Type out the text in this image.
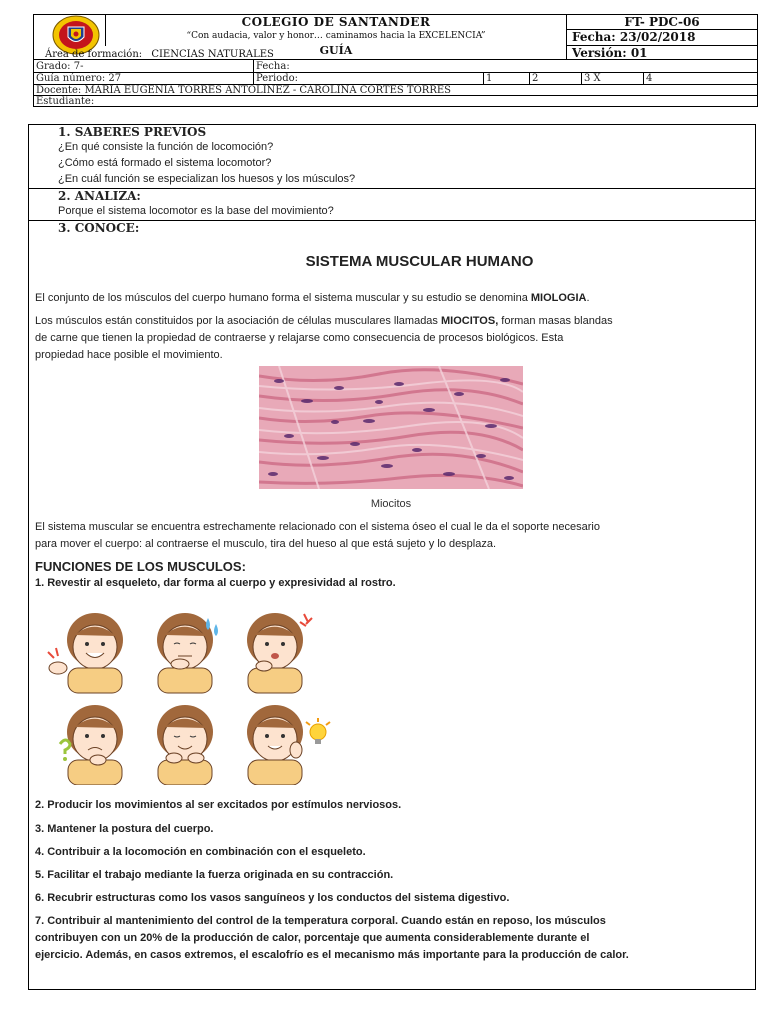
COLEGIO DE SANTANDER
“Con audacia, valor y honor… caminamos hacia la EXCELENCIA”
GUÍA
FT- PDC-06
Fecha: 23/02/2018
Versión: 01
Área de formación: CIENCIAS NATURALES
Grado: 7-	Fecha:
Guía número: 27	Periodo:	1	2	3 X	4
Docente: MARÍA EUGENIA TORRES ANTOLINEZ - CAROLINA CORTES TORRES
Estudiante:
1. SABERES PREVIOS
¿En qué consiste la función de locomoción?
¿Cómo está formado el sistema locomotor?
¿En cuál función se especializan los huesos y los músculos?
2. ANALIZA:
Porque el sistema locomotor es la base del movimiento?
3. CONOCE:
SISTEMA MUSCULAR HUMANO
El conjunto de los músculos del cuerpo humano forma el sistema muscular y su estudio se denomina MIOLOGIA.
Los músculos están constituidos por la asociación de células musculares llamadas MIOCITOS, forman masas blandas
de carne que tienen la propiedad de contraerse y relajarse como consecuencia de procesos biológicos. Esta
propiedad hace posible el movimiento.
Miocitos
El sistema muscular se encuentra estrechamente relacionado con el sistema óseo el cual le da el soporte necesario
para mover el cuerpo: al contraerse el musculo, tira del hueso al que está sujeto y lo desplaza.
FUNCIONES DE LOS MUSCULOS:
1. Revestir al esqueleto, dar forma al cuerpo y expresividad al rostro.
2. Producir los movimientos al ser excitados por estímulos nerviosos.
3. Mantener la postura del cuerpo.
4. Contribuir a la locomoción en combinación con el esqueleto.
5. Facilitar el trabajo mediante la fuerza originada en su contracción.
6. Recubrir estructuras como los vasos sanguíneos y los conductos del sistema digestivo.
7. Contribuir al mantenimiento del control de la temperatura corporal. Cuando están en reposo, los músculos
contribuyen con un 20% de la producción de calor, porcentaje que aumenta considerablemente durante el
ejercicio. Además, en casos extremos, el escalofrío es el mecanismo más importante para la producción de calor.
